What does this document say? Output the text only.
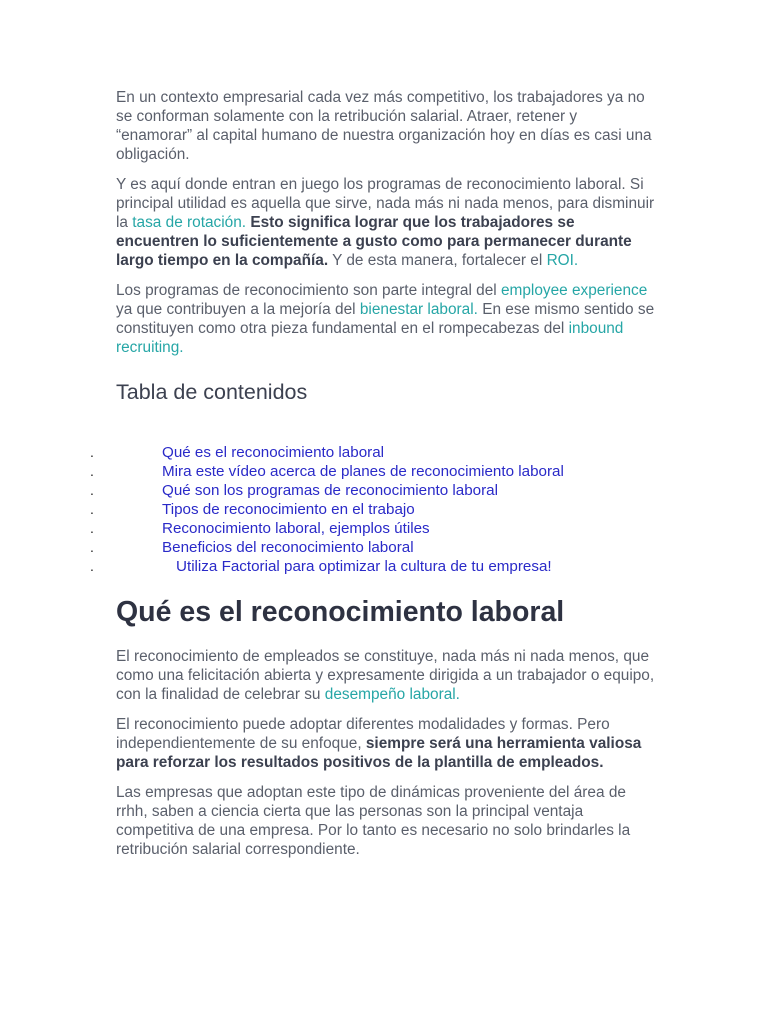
En un contexto empresarial cada vez más competitivo, los trabajadores ya no se conforman solamente con la retribución salarial. Atraer, retener y “enamorar” al capital humano de nuestra organización hoy en días es casi una obligación.

Y es aquí donde entran en juego los programas de reconocimiento laboral. Si principal utilidad es aquella que sirve, nada más ni nada menos, para disminuir la tasa de rotación. Esto significa lograr que los trabajadores se encuentren lo suficientemente a gusto como para permanecer durante largo tiempo en la compañía. Y de esta manera, fortalecer el ROI.

Los programas de reconocimiento son parte integral del employee experience ya que contribuyen a la mejoría del bienestar laboral. En ese mismo sentido se constituyen como otra pieza fundamental en el rompecabezas del inbound recruiting.

Tabla de contenidos
.	Qué es el reconocimiento laboral
.	Mira este vídeo acerca de planes de reconocimiento laboral
.	Qué son los programas de reconocimiento laboral
.	Tipos de reconocimiento en el trabajo
.	Reconocimiento laboral, ejemplos útiles
.	Beneficios del reconocimiento laboral
.	Utiliza Factorial para optimizar la cultura de tu empresa!
Qué es el reconocimiento laboral

El reconocimiento de empleados se constituye, nada más ni nada menos, que como una felicitación abierta y expresamente dirigida a un trabajador o equipo, con la finalidad de celebrar su desempeño laboral.

El reconocimiento puede adoptar diferentes modalidades y formas. Pero independientemente de su enfoque, siempre será una herramienta valiosa para reforzar los resultados positivos de la plantilla de empleados.

Las empresas que adoptan este tipo de dinámicas proveniente del área de rrhh, saben a ciencia cierta que las personas son la principal ventaja competitiva de una empresa. Por lo tanto es necesario no solo brindarles la retribución salarial correspondiente.
